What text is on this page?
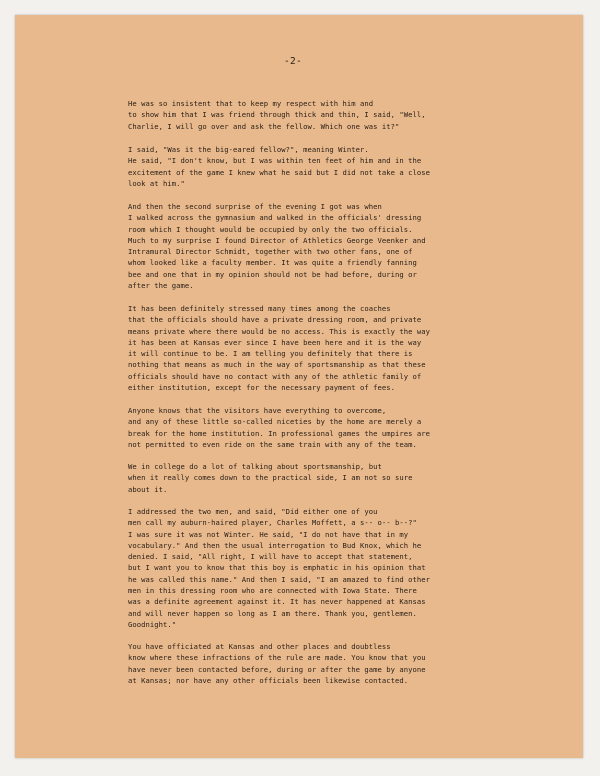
-2-
He was so insistent that to keep my respect with him and
to show him that I was friend through thick and thin, I said, "Well,
Charlie, I will go over and ask the fellow. Which one was it?"
I said, "Was it the big-eared fellow?", meaning Winter.
He said, "I don't know, but I was within ten feet of him and in the
excitement of the game I knew what he said but I did not take a close
look at him."
And then the second surprise of the evening I got was when
I walked across the gymnasium and walked in the officials' dressing
room which I thought would be occupied by only the two officials.
Much to my surprise I found Director of Athletics George Veenker and
Intramural Director Schmidt, together with two other fans, one of
whom looked like a faculty member. It was quite a friendly fanning
bee and one that in my opinion should not be had before, during or
after the game.
It has been definitely stressed many times among the coaches
that the officials should have a private dressing room, and private
means private where there would be no access. This is exactly the way
it has been at Kansas ever since I have been here and it is the way
it will continue to be. I am telling you definitely that there is
nothing that means as much in the way of sportsmanship as that these
officials should have no contact with any of the athletic family of
either institution, except for the necessary payment of fees.
Anyone knows that the visitors have everything to overcome,
and any of these little so-called niceties by the home are merely a
break for the home institution. In professional games the umpires are
not permitted to even ride on the same train with any of the team.
We in college do a lot of talking about sportsmanship, but
when it really comes down to the practical side, I am not so sure
about it.
I addressed the two men, and said, "Did either one of you
men call my auburn-haired player, Charles Moffett, a s-- o-- b--?"
I was sure it was not Winter. He said, "I do not have that in my
vocabulary." And then the usual interrogation to Bud Knox, which he
denied. I said, "All right, I will have to accept that statement,
but I want you to know that this boy is emphatic in his opinion that
he was called this name." And then I said, "I am amazed to find other
men in this dressing room who are connected with Iowa State. There
was a definite agreement against it. It has never happened at Kansas
and will never happen so long as I am there. Thank you, gentlemen.
Goodnight."
You have officiated at Kansas and other places and doubtless
know where these infractions of the rule are made. You know that you
have never been contacted before, during or after the game by anyone
at Kansas; nor have any other officials been likewise contacted.
